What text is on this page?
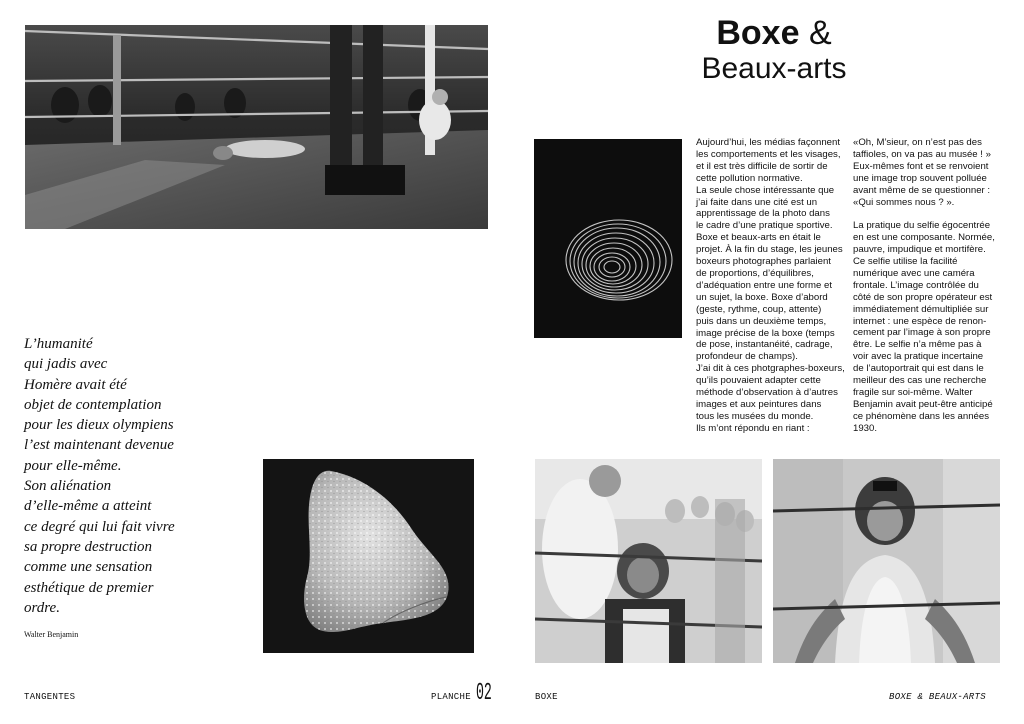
L’humanité
qui jadis avec
Homère avait été
objet de contemplation
pour les dieux olympiens
l’est maintenant devenue
pour elle-même.
Son aliénation
d’elle-même a atteint
ce degré qui lui fait vivre
sa propre destruction
comme une sensation
esthétique de premier
ordre.
Walter Benjamin
TANGENTES	PLANCHE 02
Boxe &
Beaux-arts

Aujourd’hui, les médias façonnent

les comportements et les visages,

et il est très difficile de sortir de

cette pollution normative.

La seule chose intéressante que

j’ai faite dans une cité est un

apprentissage de la photo dans

le cadre d’une pratique sportive.

Boxe et beaux-arts en était le

projet. À la fin du stage, les jeunes

boxeurs photographes parlaient

de proportions, d’équilibres,

d’adéquation entre une forme et

un sujet, la boxe. Boxe d’abord

(geste, rythme, coup, attente)

puis dans un deuxième temps,

image précise de la boxe (temps

de pose, instantanéité, cadrage,

profondeur de champs).

J’ai dit à ces photgraphes-boxeurs,

qu’ils pouvaient adapter cette

méthode d’observation à d’autres

images et aux peintures dans

tous les musées du monde.

Ils m’ont répondu en riant :

«Oh, M’sieur, on n’est pas des

taffioles, on va pas au musée ! »

Eux-mêmes font et se renvoient

une image trop souvent polluée

avant même de se questionner :

«Qui sommes nous ? ».

La pratique du selfie égocentrée

en est une composante. Normée,

pauvre, impudique et mortifère.

Ce selfie utilise la facilité

numérique avec une caméra

frontale. L’image contrôlée du

côté de son propre opérateur est

immédiatement démultipliée sur

internet : une espèce de renon-

cement par l’image à son propre

être. Le selfie n’a même pas à

voir avec la pratique incertaine

de l’autoportrait qui est dans le

meilleur des cas une recherche

fragile sur soi-même. Walter

Benjamin avait peut-être anticipé

ce phénomène dans les années

1930.

BOXE	BOXE & BEAUX-ARTS
